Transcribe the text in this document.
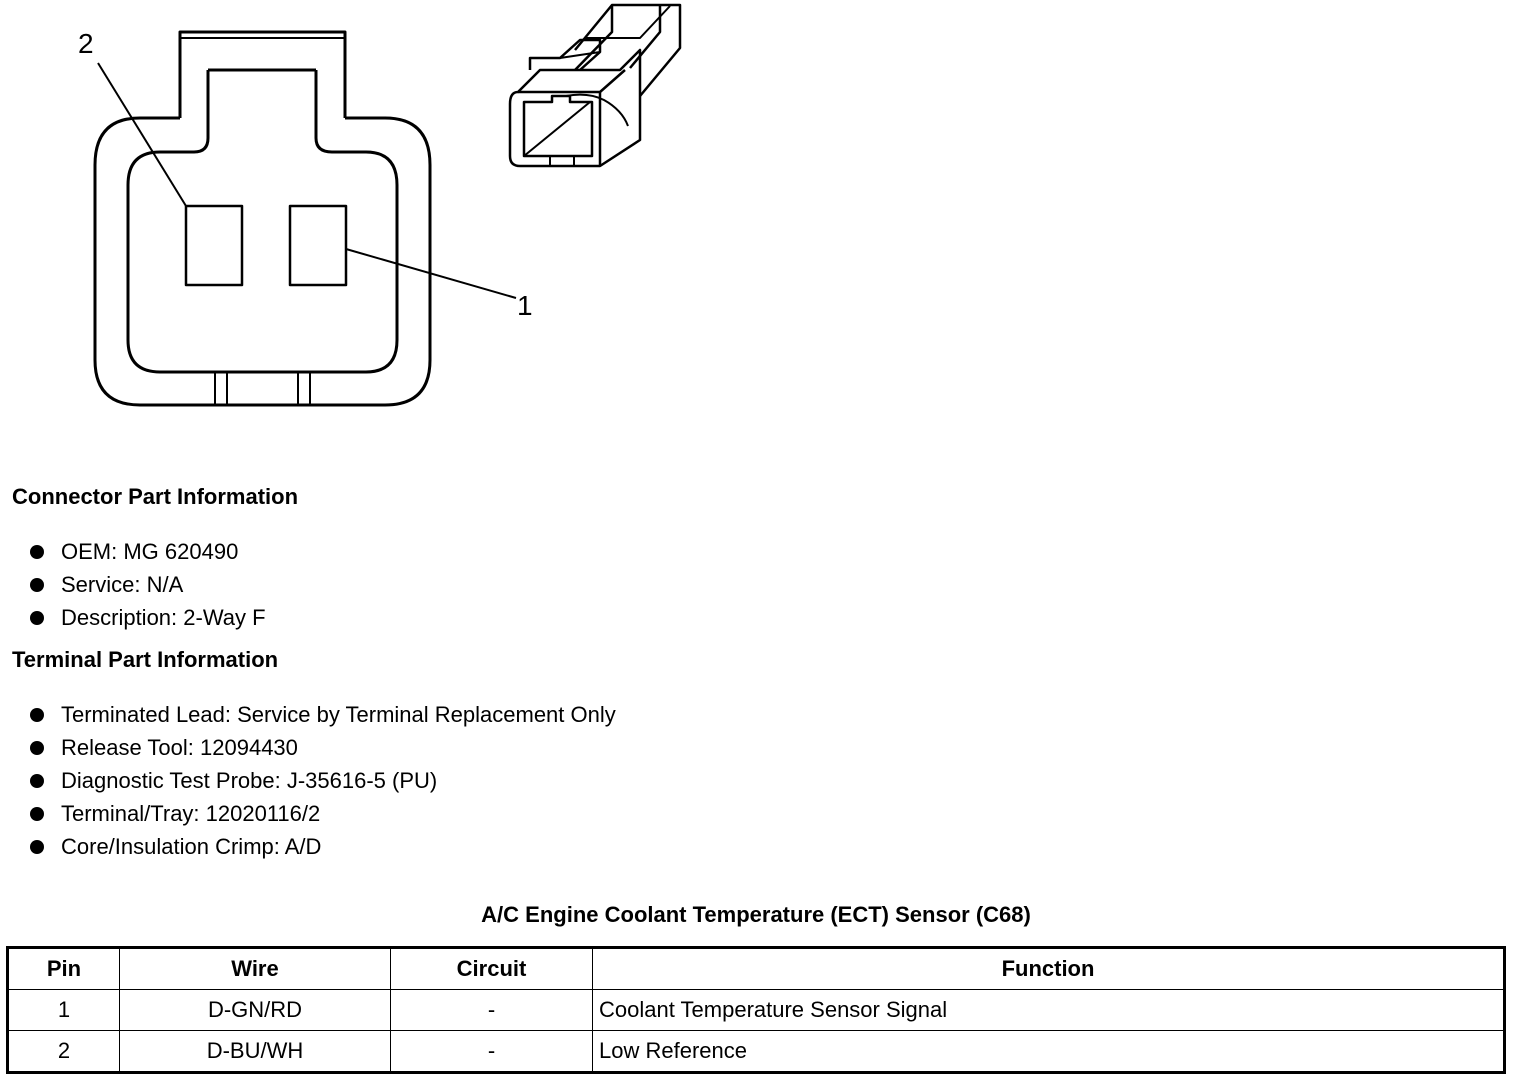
2
1
Connector Part Information
OEM: MG 620490
Service: N/A
Description: 2-Way F
Terminal Part Information
Terminated Lead: Service by Terminal Replacement Only
Release Tool: 12094430
Diagnostic Test Probe: J-35616-5 (PU)
Terminal/Tray: 12020116/2
Core/Insulation Crimp: A/D
A/C Engine Coolant Temperature (ECT) Sensor (C68)
Pin	Wire	Circuit	Function
1	D-GN/RD	-	Coolant Temperature Sensor Signal
2	D-BU/WH	-	Low Reference
